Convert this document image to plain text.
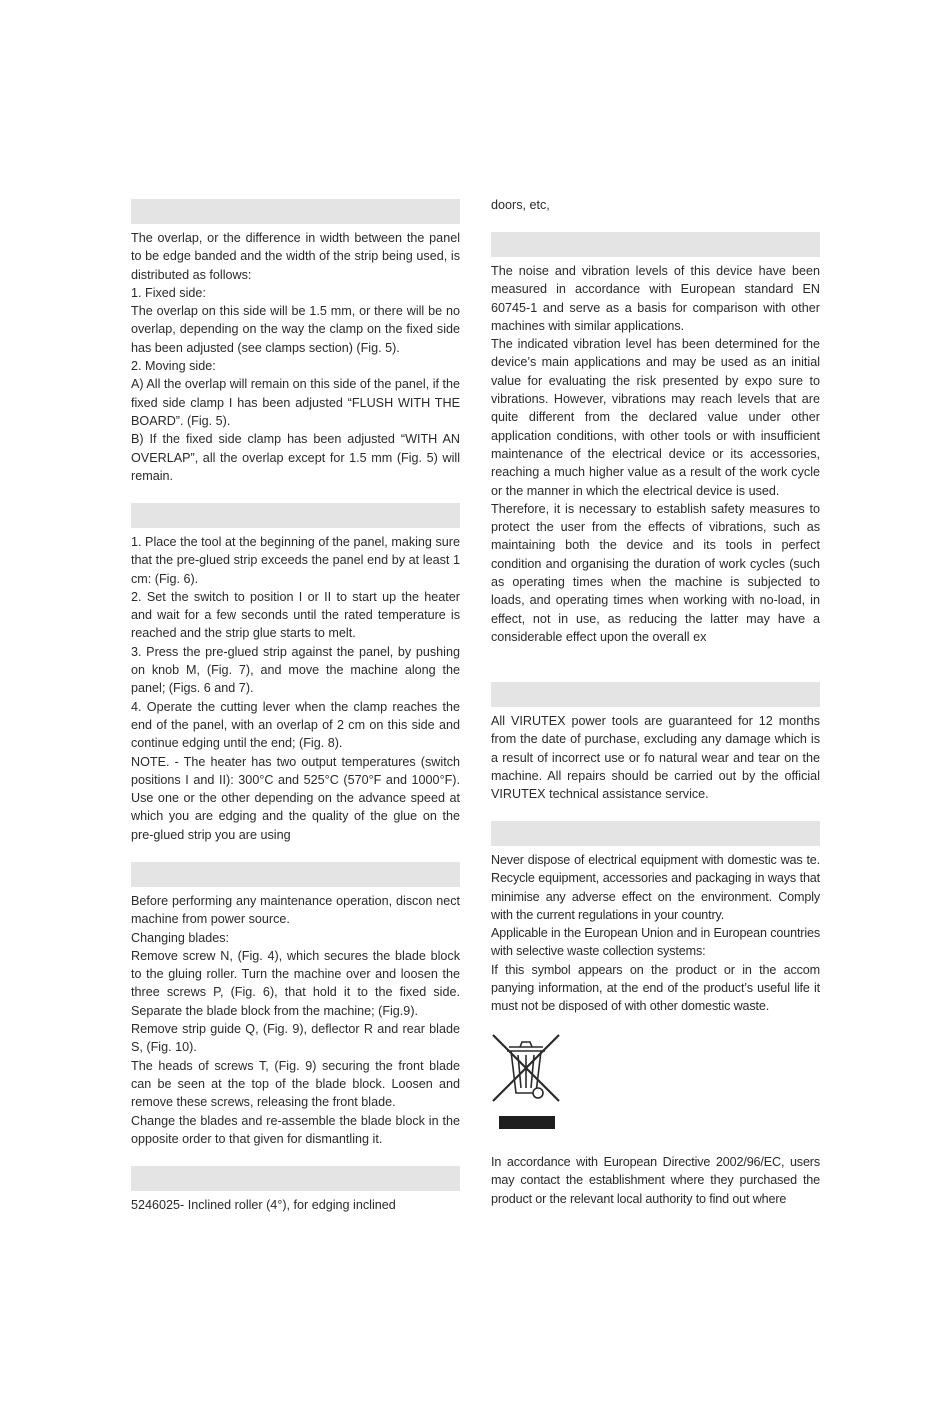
The overlap, or the difference in width between the panel to be edge banded and the width of the strip being used, is distributed as follows:

1. Fixed side:

The overlap on this side will be 1.5 mm, or there will be no overlap, depending on the way the clamp on the fixed side has been adjusted (see clamps section) (Fig. 5).

2. Moving side:

A) All the overlap will remain on this side of the panel, if the fixed side clamp I has been adjusted “FLUSH WITH THE BOARD”. (Fig. 5).

B) If the fixed side clamp has been adjusted “WITH AN OVERLAP”, all the overlap except for 1.5 mm (Fig. 5) will remain.

1. Place the tool at the beginning of the panel, making sure that the pre-glued strip exceeds the panel end by at least 1 cm: (Fig. 6).

2. Set the switch to position I or II to start up the heater and wait for a few seconds until the rated temperature is reached and the strip glue starts to melt.

3. Press the pre-glued strip against the panel, by pushing on knob M, (Fig. 7), and move the machine along the panel; (Figs. 6 and 7).

4. Operate the cutting lever when the clamp reaches the end of the panel, with an overlap of 2 cm on this side and continue edging until the end; (Fig. 8).

NOTE. - The heater has two output temperatures (switch positions I and II): 300°C and 525°C (570°F and 1000°F). Use one or the other depending on the advance speed at which you are edging and the quality of the glue on the pre-glued strip you are using

Before performing any maintenance operation, discon nect machine from power source.

Changing blades:

Remove screw N, (Fig. 4), which secures the blade block to the gluing roller. Turn the machine over and loosen the three screws P, (Fig. 6), that hold it to the fixed side. Separate the blade block from the machine; (Fig.9).

Remove strip guide Q, (Fig. 9), deflector R and rear blade S, (Fig. 10).

The heads of screws T, (Fig. 9) securing the front blade can be seen at the top of the blade block. Loosen and remove these screws, releasing the front blade.

Change the blades and re-assemble the blade block in the opposite order to that given for dismantling it.

5246025- Inclined roller (4°), for edging inclined

doors, etc,

The noise and vibration levels of this device have been measured in accordance with European standard EN 60745-1 and serve as a basis for comparison with other machines with similar applications.

The indicated vibration level has been determined for the device’s main applications and may be used as an initial value for evaluating the risk presented by expo sure to vibrations. However, vibrations may reach levels that are quite different from the declared value under other application conditions, with other tools or with insufficient maintenance of the electrical device or its accessories, reaching a much higher value as a result of the work cycle or the manner in which the electrical device is used.

Therefore, it is necessary to establish safety measures to protect the user from the effects of vibrations, such as maintaining both the device and its tools in perfect condition and organising the duration of work cycles (such as operating times when the machine is subjected to loads, and operating times when working with no-load, in effect, not in use, as reducing the latter may have a considerable effect upon the overall ex

All VIRUTEX power tools are guaranteed for 12 months from the date of purchase, excluding any damage which is a result of incorrect use or fo natural wear and tear on the machine. All repairs should be carried out by the official VIRUTEX technical assistance service.

Never dispose of electrical equipment with domestic was te. Recycle equipment, accessories and packaging in ways that minimise any adverse effect on the environment. Comply with the current regulations in your country.

Applicable in the European Union and in European countries with selective waste collection systems:

If this symbol appears on the product or in the accom panying information, at the end of the product’s useful life it must not be disposed of with other domestic waste.

In accordance with European Directive 2002/96/EC, users may contact the establishment where they purchased the product or the relevant local authority to find out where
